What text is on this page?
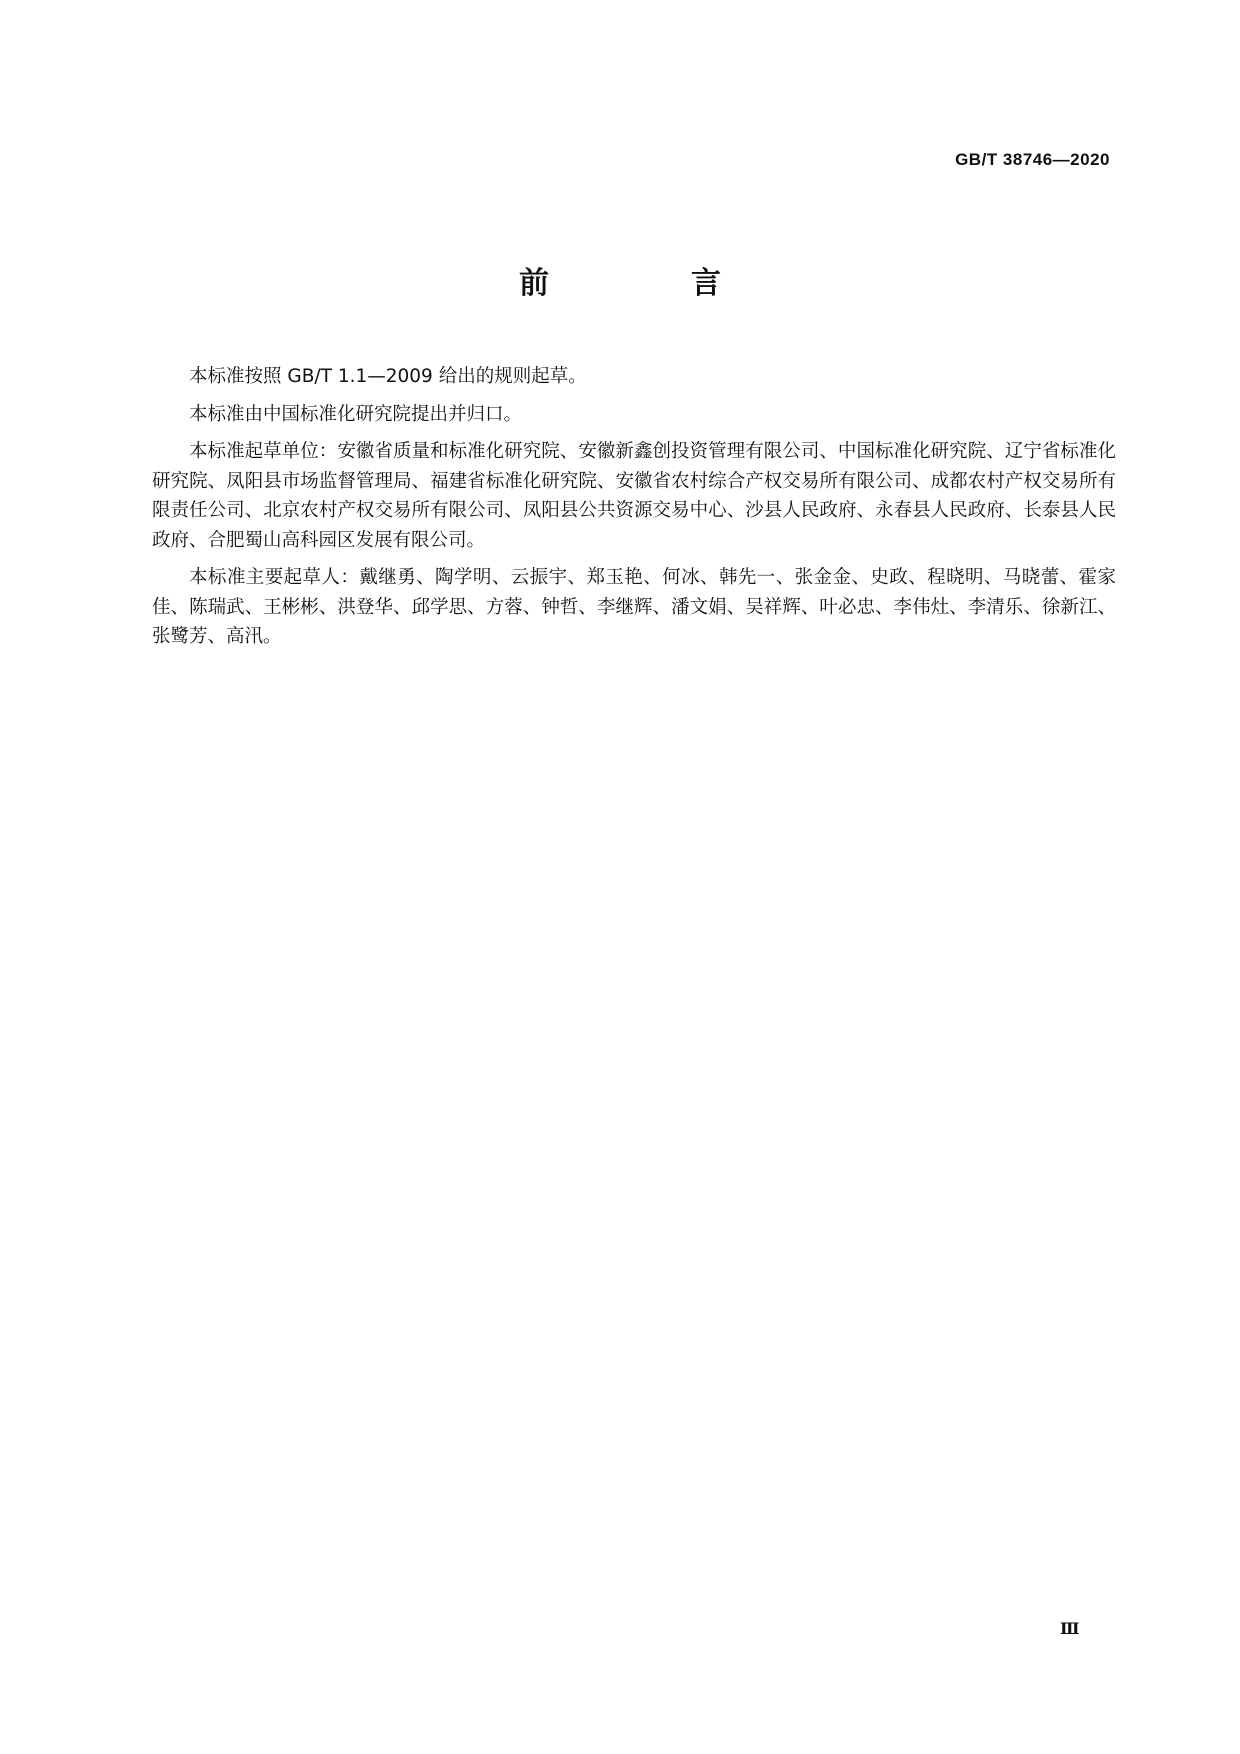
GB/T 38746—2020
前　言

本标准按照 GB/T 1.1—2009 给出的规则起草。

本标准由中国标准化研究院提出并归口。

本标准起草单位：安徽省质量和标准化研究院、安徽新鑫创投资管理有限公司、中国标准化研究院、辽宁省标准化研究院、凤阳县市场监督管理局、福建省标准化研究院、安徽省农村综合产权交易所有限公司、成都农村产权交易所有限责任公司、北京农村产权交易所有限公司、凤阳县公共资源交易中心、沙县人民政府、永春县人民政府、长泰县人民政府、合肥蜀山高科园区发展有限公司。

本标准主要起草人：戴继勇、陶学明、云振宇、郑玉艳、何冰、韩先一、张金金、史政、程晓明、马晓蕾、霍家佳、陈瑞武、王彬彬、洪登华、邱学思、方蓉、钟哲、李继辉、潘文娟、吴祥辉、叶必忠、李伟灶、李清乐、徐新江、张鹭芳、高汛。

Ⅲ
